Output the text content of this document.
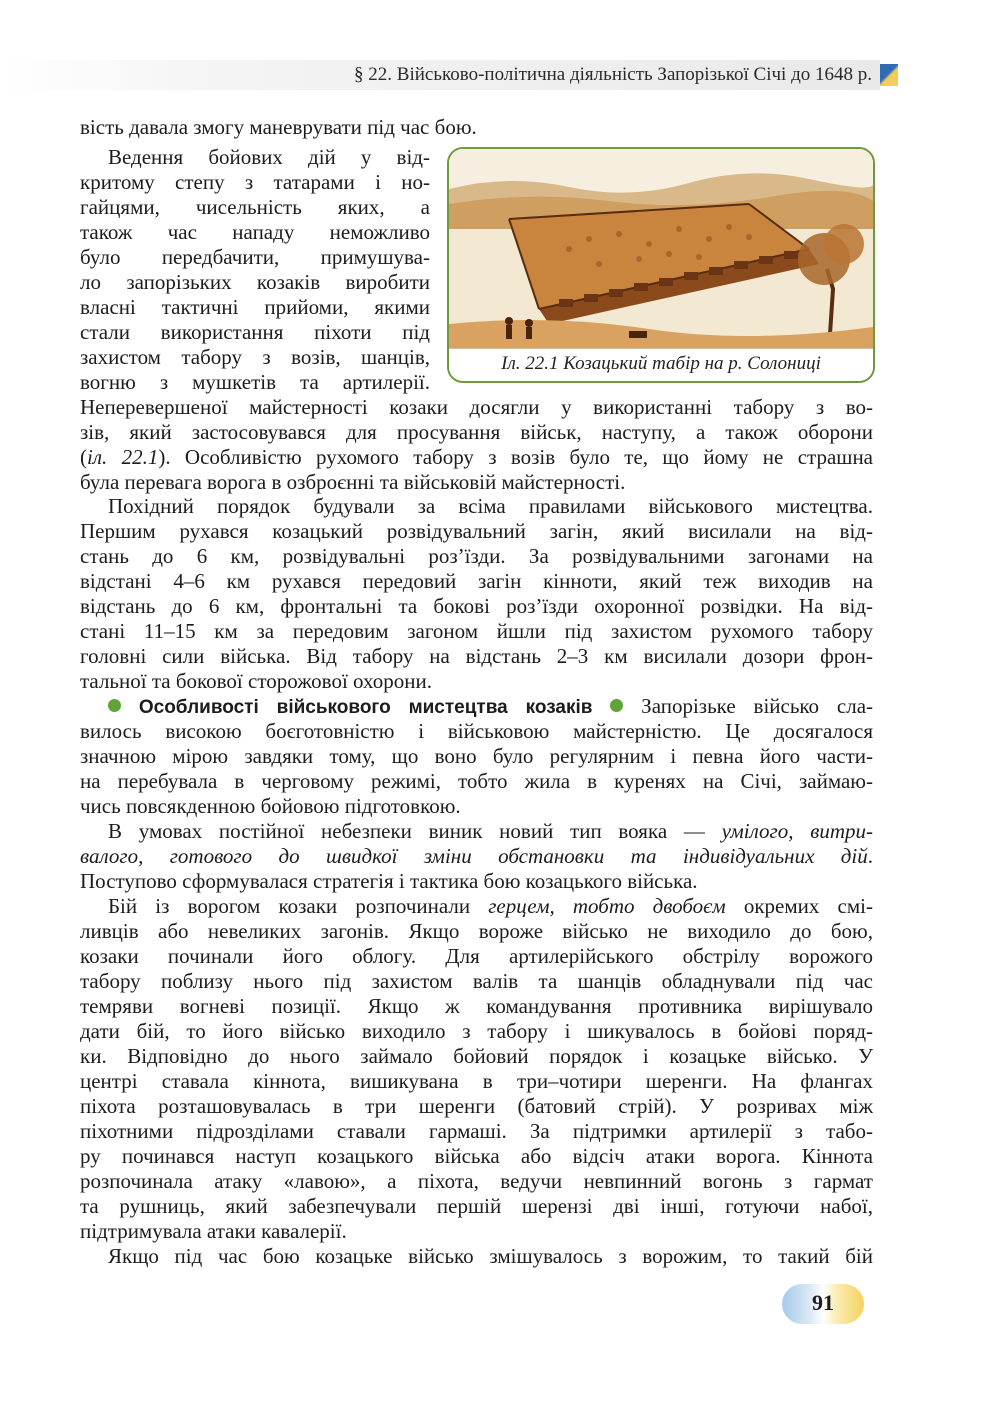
§ 22. Військово-політична діяльність Запорізької Січі до 1648 р.
вість давала змогу маневрувати під час бою.
Ведення бойових дій у від-
критому степу з татарами і но-
гайцями, чисельність яких, а
також час нападу неможливо
було передбачити, примушува-
ло запорізьких козаків виробити
власні тактичні прийоми, якими
стали використання піхоти під
захистом табору з возів, шанців,
вогню з мушкетів та артилерії.
Іл. 22.1 Козацький табір на р. Солониці
Неперевершеної майстерності козаки досягли у використанні табору з во-
зів, який застосовувався для просування військ, наступу, а також оборони
(іл. 22.1). Особливістю рухомого табору з возів було те, що йому не страшна
була перевага ворога в озброєнні та військовій майстерності.
Похідний порядок будували за всіма правилами військового мистецтва.
Першим рухався козацький розвідувальний загін, який висилали на від-
стань до 6 км, розвідувальні роз’їзди. За розвідувальними загонами на
відстані 4–6 км рухався передовий загін кінноти, який теж виходив на
відстань до 6 км, фронтальні та бокові роз’їзди охоронної розвідки. На від-
стані 11–15 км за передовим загоном йшли під захистом рухомого табору
головні сили війська. Від табору на відстань 2–3 км висилали дозори фрон-
тальної та бокової сторожової охорони.
Особливості військового мистецтва козаків Запорізьке військо сла-
вилось високою боєготовністю і військовою майстерністю. Це досягалося
значною мірою завдяки тому, що воно було регулярним і певна його части-
на перебувала в черговому режимі, тобто жила в куренях на Січі, займаю-
чись повсякденною бойовою підготовкою.
В умовах постійної небезпеки виник новий тип вояка — умілого, витри-
валого, готового до швидкої зміни обстановки та індивідуальних дій.
Поступово сформувалася стратегія і тактика бою козацького війська.
Бій із ворогом козаки розпочинали герцем, тобто двобоєм окремих смі-
ливців або невеликих загонів. Якщо вороже військо не виходило до бою,
козаки починали його облогу. Для артилерійського обстрілу ворожого
табору поблизу нього під захистом валів та шанців обладнували під час
темряви вогневі позиції. Якщо ж командування противника вирішувало
дати бій, то його військо виходило з табору і шикувалось в бойові поряд-
ки. Відповідно до нього займало бойовий порядок і козацьке військо. У
центрі ставала кіннота, вишикувана в три–чотири шеренги. На флангах
піхота розташовувалась в три шеренги (батовий стрій). У розривах між
піхотними підрозділами ставали гармаші. За підтримки артилерії з табо-
ру починався наступ козацького війська або відсіч атаки ворога. Кіннота
розпочинала атаку «лавою», а піхота, ведучи невпинний вогонь з гармат
та рушниць, який забезпечували першій шерензі дві інші, готуючи набої,
підтримувала атаки кавалерії.
Якщо під час бою козацьке військо змішувалось з ворожим, то такий бій
91
